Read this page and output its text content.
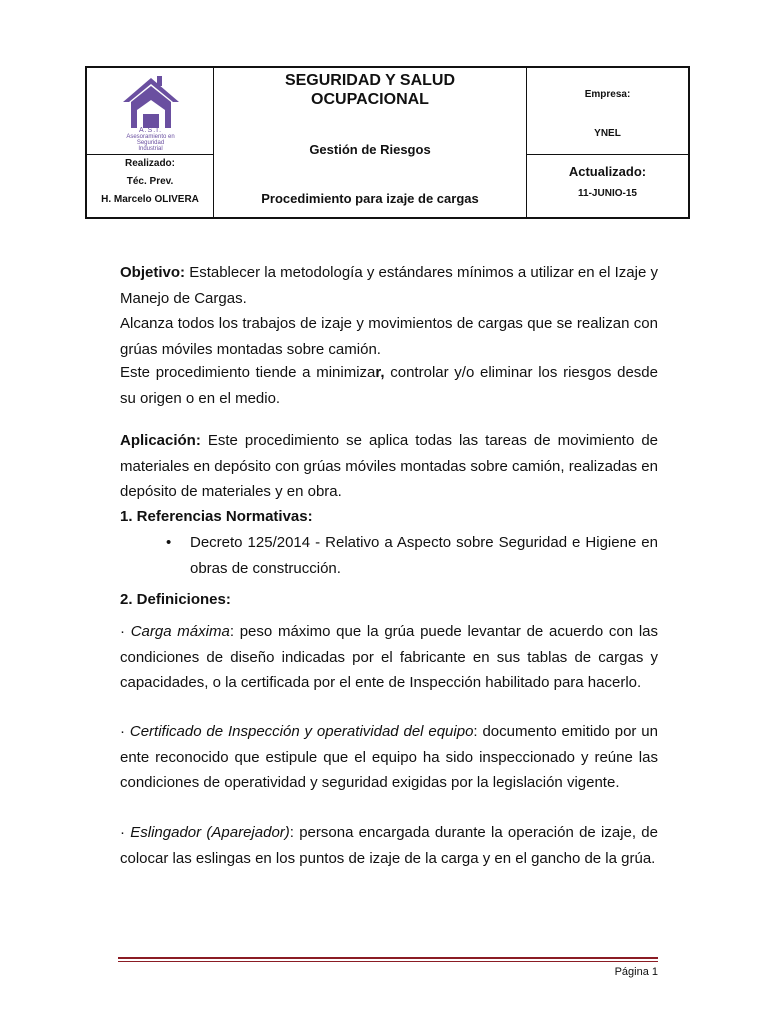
A.S.I.
Asesoramiento en
Seguridad
Industrial
Realizado:
Téc. Prev.
H. Marcelo OLIVERA
SEGURIDAD Y SALUD
OCUPACIONAL
Gestión de Riesgos
Procedimiento para izaje de cargas
Empresa:
YNEL
Actualizado:
11-JUNIO-15

Objetivo: Establecer la metodología y estándares mínimos a utilizar en el Izaje y Manejo de Cargas.

Alcanza todos los trabajos de izaje y movimientos de cargas que se realizan con grúas móviles montadas sobre camión.

Este procedimiento tiende a minimizar, controlar y/o eliminar los riesgos desde su origen o en el medio.

Aplicación: Este procedimiento se aplica todas las tareas de movimiento de materiales en depósito con grúas móviles montadas sobre camión, realizadas en depósito de materiales y en obra.

1. Referencias Normativas:

• Decreto 125/2014 - Relativo a Aspecto sobre Seguridad e Higiene en obras de construcción.

2. Definiciones:

· Carga máxima: peso máximo que la grúa puede levantar de acuerdo con las condiciones de diseño indicadas por el fabricante en sus tablas de cargas y capacidades, o la certificada por el ente de Inspección habilitado para hacerlo.

· Certificado de Inspección y operatividad del equipo: documento emitido por un ente reconocido que estipule que el equipo ha sido inspeccionado y reúne las condiciones de operatividad y seguridad exigidas por la legislación vigente.

· Eslingador (Aparejador): persona encargada durante la operación de izaje, de colocar las eslingas en los puntos de izaje de la carga y en el gancho de la grúa.

Página 1
